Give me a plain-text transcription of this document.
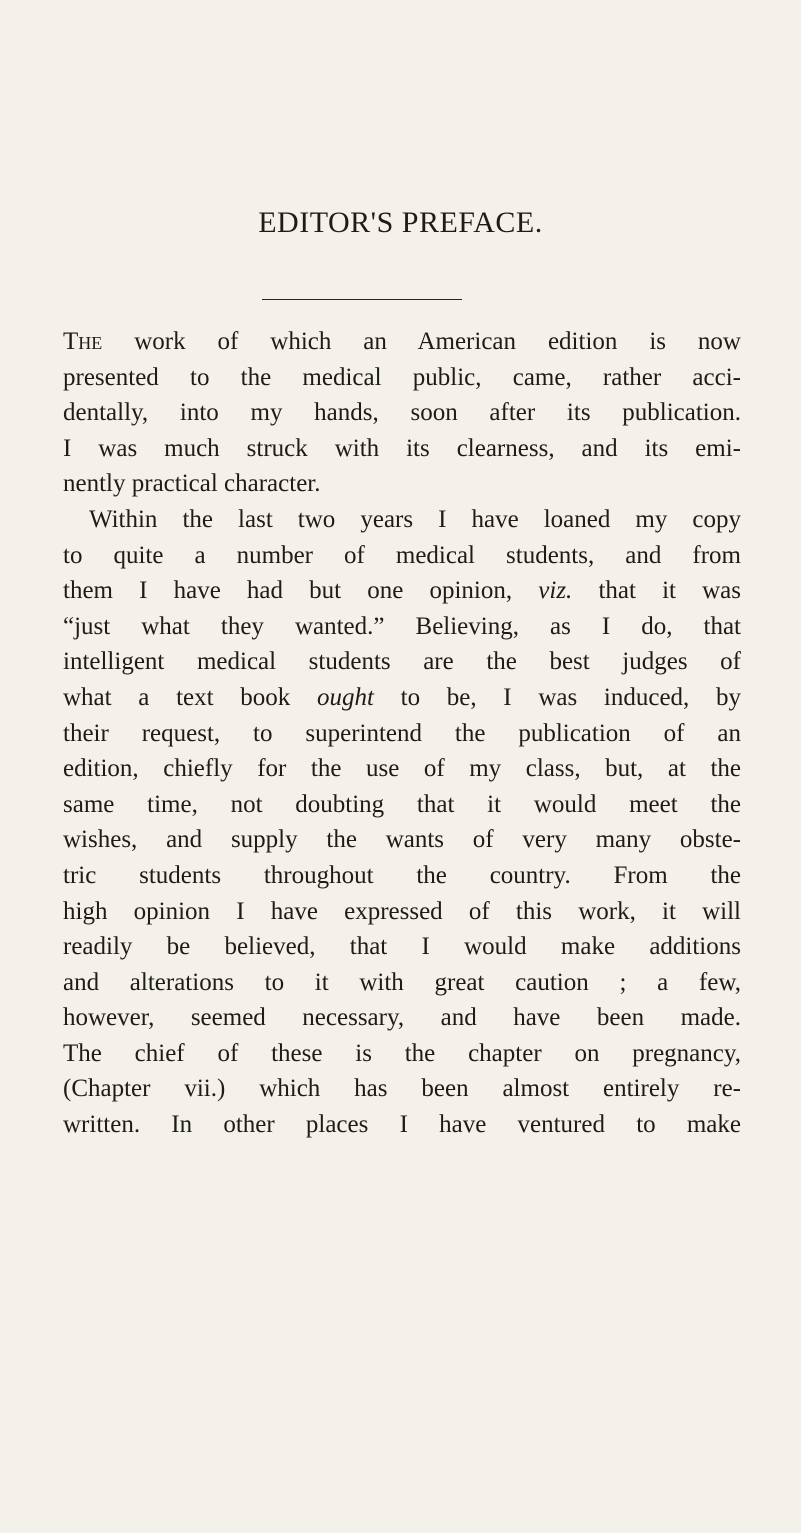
EDITOR'S PREFACE.
The work of which an American edition is now
presented to the medical public, came, rather acci-
dentally, into my hands, soon after its publication.
I was much struck with its clearness, and its emi-
nently practical character.
Within the last two years I have loaned my copy
to quite a number of medical students, and from
them I have had but one opinion, viz. that it was
“just what they wanted.” Believing, as I do, that
intelligent medical students are the best judges of
what a text book ought to be, I was induced, by
their request, to superintend the publication of an
edition, chiefly for the use of my class, but, at the
same time, not doubting that it would meet the
wishes, and supply the wants of very many obste-
tric students throughout the country. From the
high opinion I have expressed of this work, it will
readily be believed, that I would make additions
and alterations to it with great caution ; a few,
however, seemed necessary, and have been made.
The chief of these is the chapter on pregnancy,
(Chapter vii.) which has been almost entirely re-
written. In other places I have ventured to make
